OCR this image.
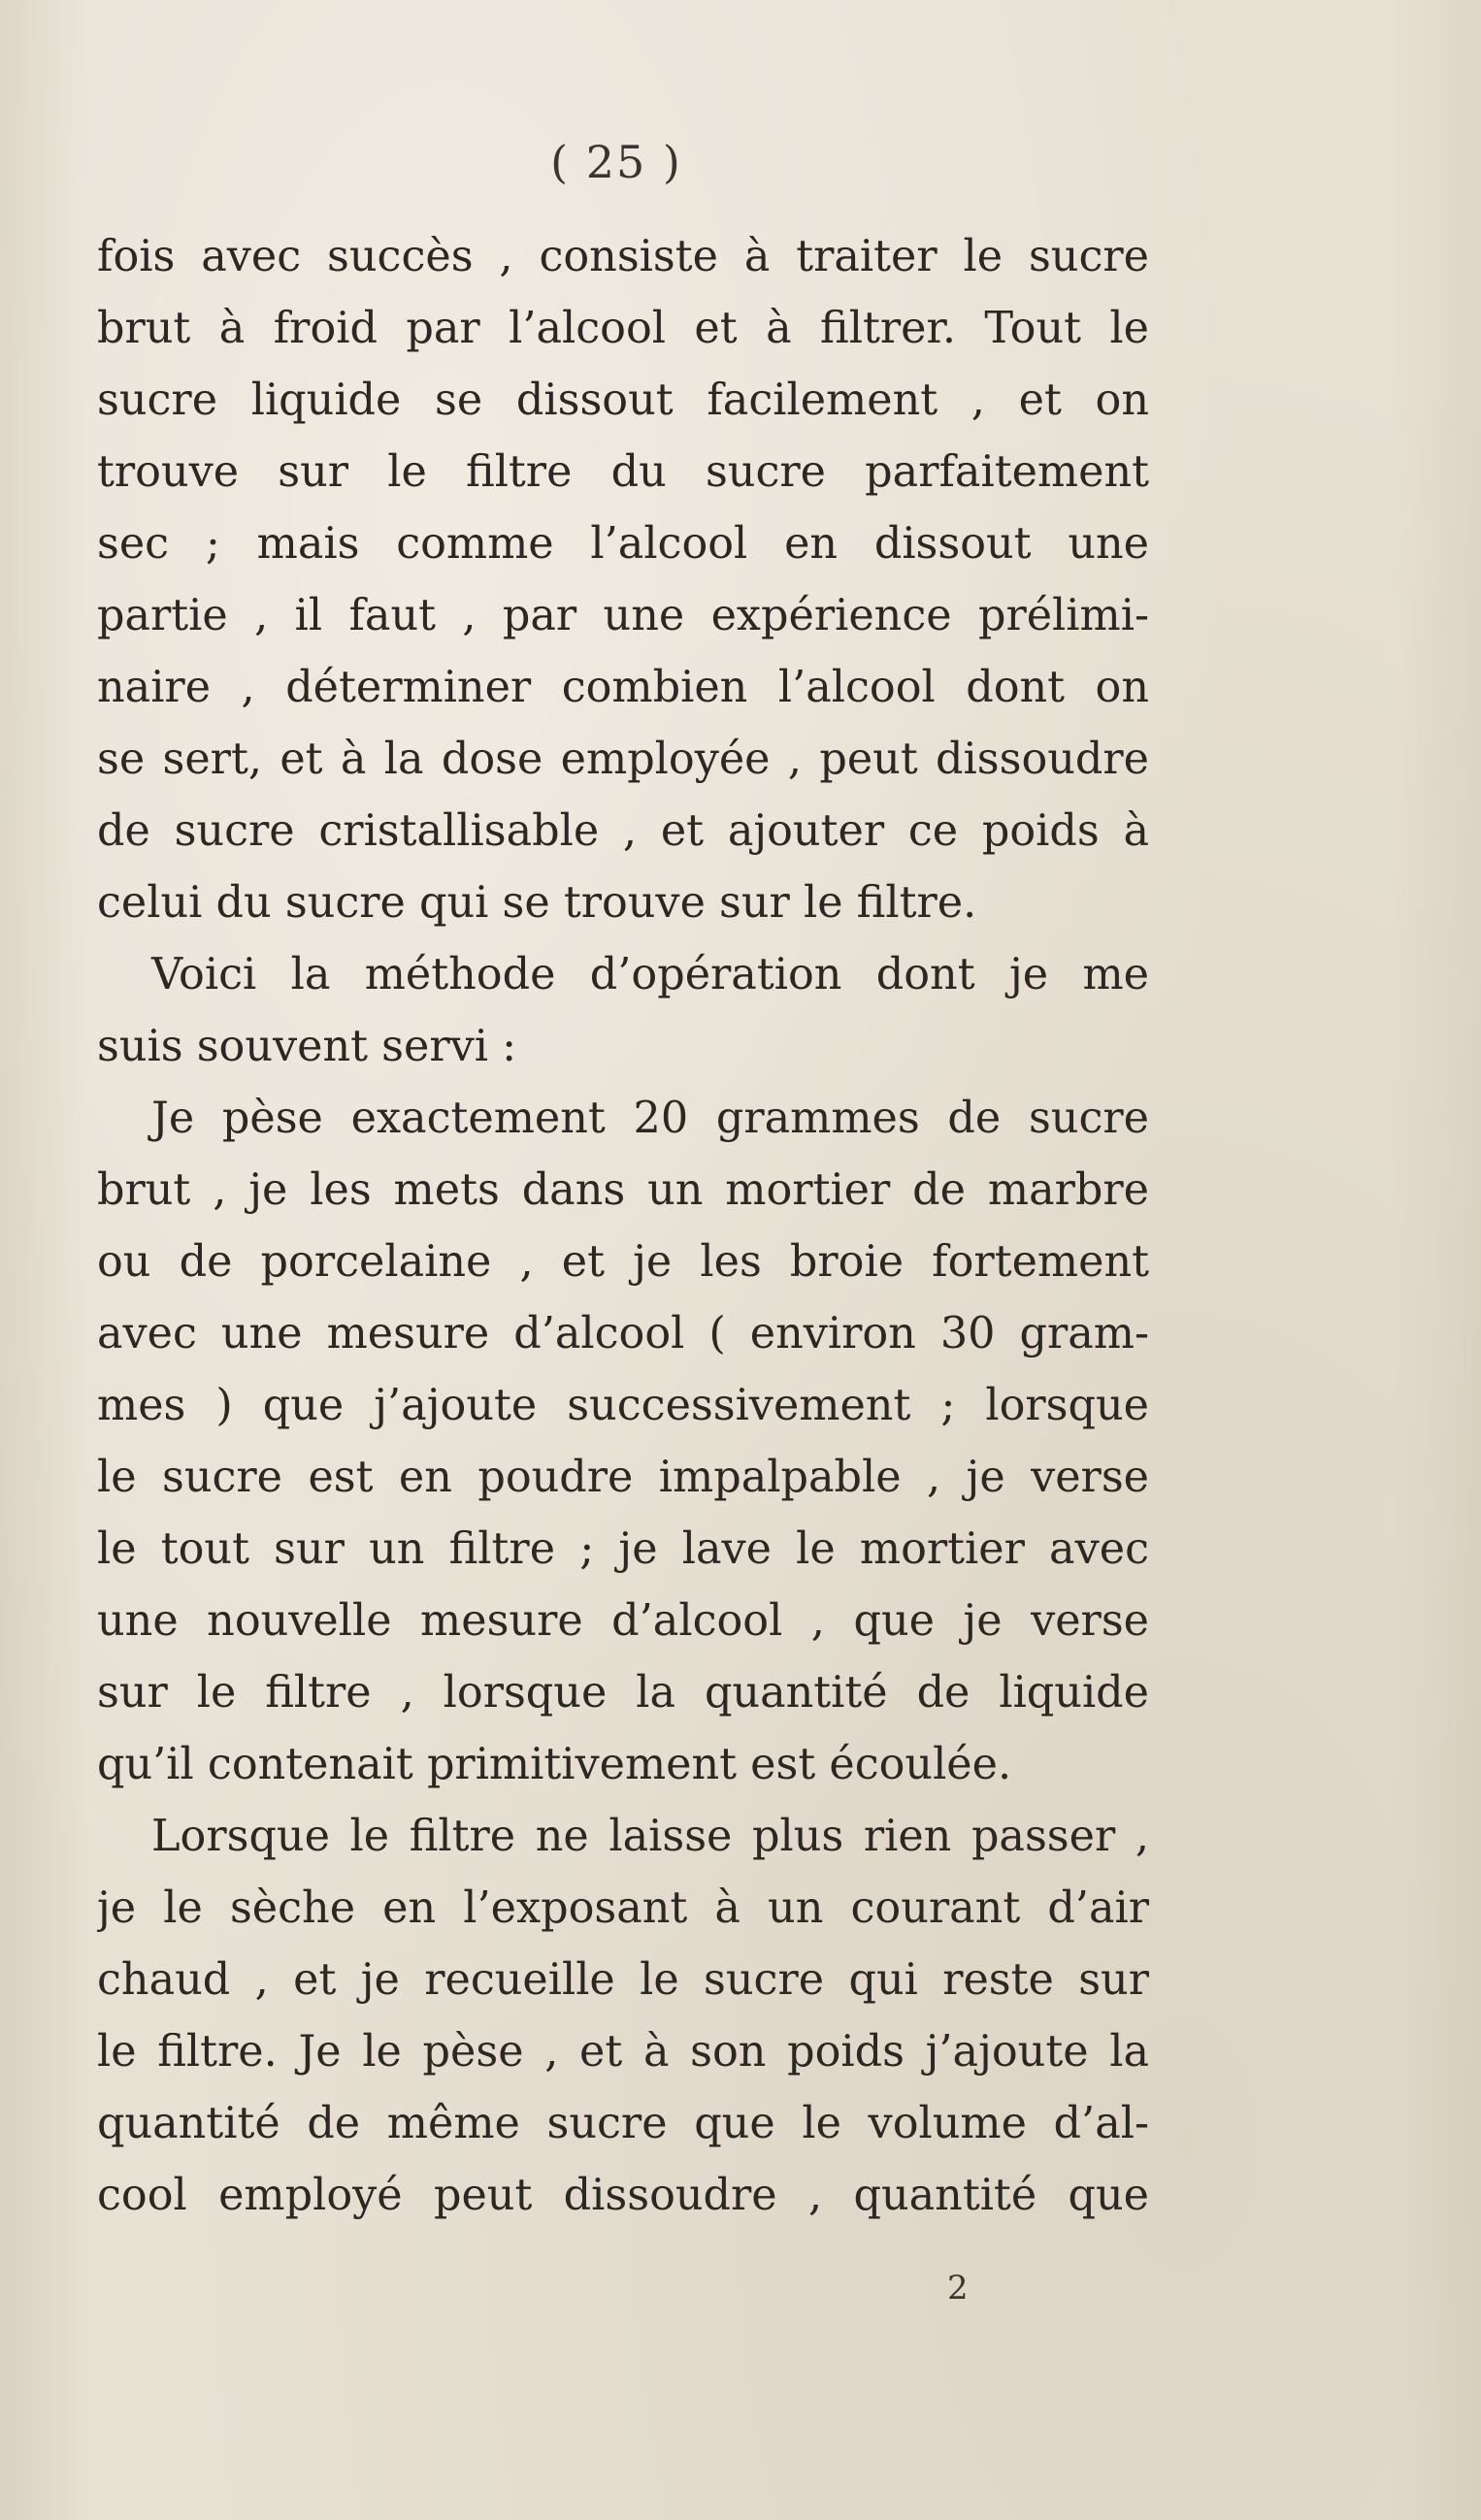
( 25 )
fois avec succès , consiste à traiter le sucre
brut à froid par l’alcool et à filtrer. Tout le
sucre liquide se dissout facilement , et on
trouve sur le filtre du sucre parfaitement
sec ; mais comme l’alcool en dissout une
partie , il faut , par une expérience prélimi-
naire , déterminer combien l’alcool dont on
se sert, et à la dose employée , peut dissoudre
de sucre cristallisable , et ajouter ce poids à
celui du sucre qui se trouve sur le filtre.
Voici la méthode d’opération dont je me
suis souvent servi :
Je pèse exactement 20 grammes de sucre
brut , je les mets dans un mortier de marbre
ou de porcelaine , et je les broie fortement
avec une mesure d’alcool ( environ 30 gram-
mes ) que j’ajoute successivement ; lorsque
le sucre est en poudre impalpable , je verse
le tout sur un filtre ; je lave le mortier avec
une nouvelle mesure d’alcool , que je verse
sur le filtre , lorsque la quantité de liquide
qu’il contenait primitivement est écoulée.
Lorsque le filtre ne laisse plus rien passer ,
je le sèche en l’exposant à un courant d’air
chaud , et je recueille le sucre qui reste sur
le filtre. Je le pèse , et à son poids j’ajoute la
quantité de même sucre que le volume d’al-
cool employé peut dissoudre , quantité que
2
